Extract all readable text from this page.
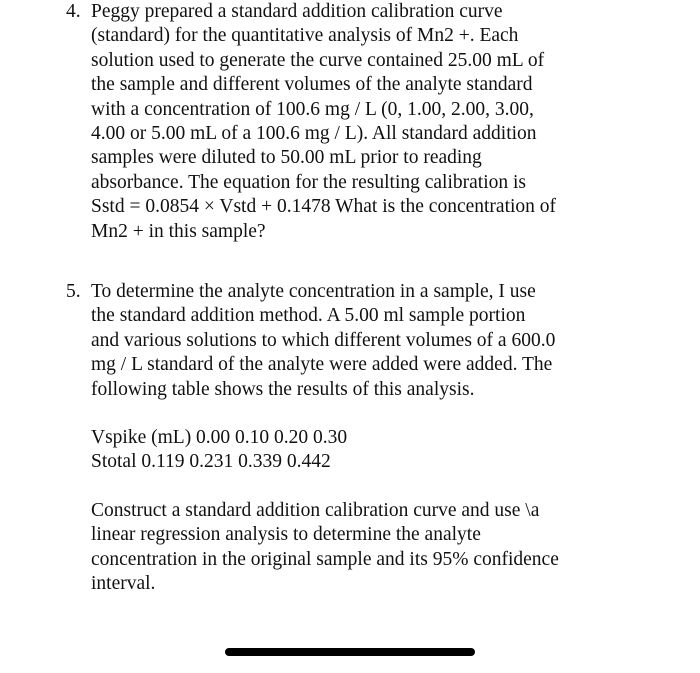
4. Peggy prepared a standard addition calibration curve
(standard) for the quantitative analysis of Mn2 +. Each
solution used to generate the curve contained 25.00 mL of
the sample and different volumes of the analyte standard
with a concentration of 100.6 mg / L (0, 1.00, 2.00, 3.00,
4.00 or 5.00 mL of a 100.6 mg / L). All standard addition
samples were diluted to 50.00 mL prior to reading
absorbance. The equation for the resulting calibration is
Sstd = 0.0854 × Vstd + 0.1478 What is the concentration of
Mn2 + in this sample?
5. To determine the analyte concentration in a sample, I use
the standard addition method. A 5.00 ml sample portion
and various solutions to which different volumes of a 600.0
mg / L standard of the analyte were added were added. The
following table shows the results of this analysis.
Vspike (mL) 0.00 0.10 0.20 0.30
Stotal 0.119 0.231 0.339 0.442
Construct a standard addition calibration curve and use \a
linear regression analysis to determine the analyte
concentration in the original sample and its 95% confidence
interval.
